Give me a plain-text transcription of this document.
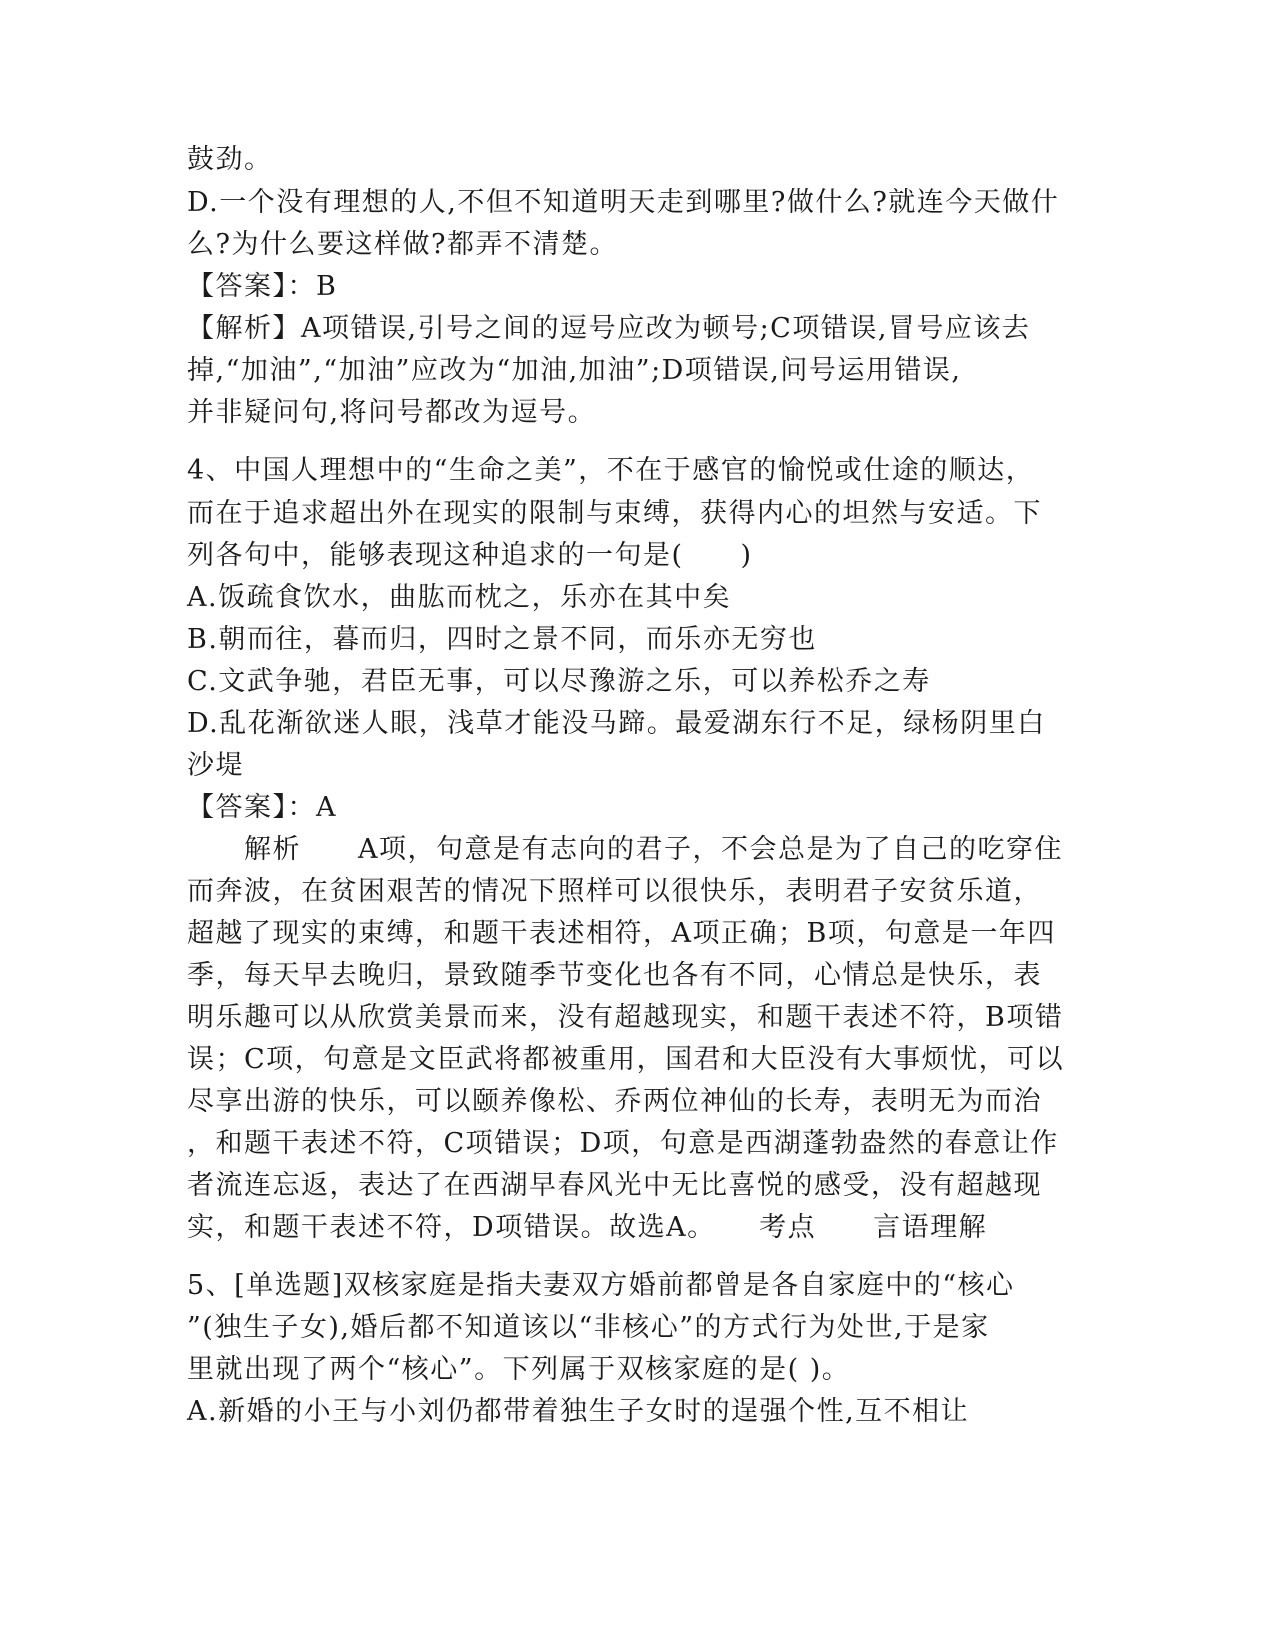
鼓劲。
D.一个没有理想的人,不但不知道明天走到哪里?做什么?就连今天做什
么?为什么要这样做?都弄不清楚。
【答案】：B
【解析】A项错误,引号之间的逗号应改为顿号;C项错误,冒号应该去
掉,“加油”,“加油”应改为“加油,加油”;D项错误,问号运用错误,
并非疑问句,将问号都改为逗号。
4、中国人理想中的“生命之美”，不在于感官的愉悦或仕途的顺达，
而在于追求超出外在现实的限制与束缚，获得内心的坦然与安适。下
列各句中，能够表现这种追求的一句是(　　)
A.饭疏食饮水，曲肱而枕之，乐亦在其中矣
B.朝而往，暮而归，四时之景不同，而乐亦无穷也
C.文武争驰，君臣无事，可以尽豫游之乐，可以养松乔之寿
D.乱花渐欲迷人眼，浅草才能没马蹄。最爱湖东行不足，绿杨阴里白
沙堤
【答案】：A
　　解析　　A项，句意是有志向的君子，不会总是为了自己的吃穿住
而奔波，在贫困艰苦的情况下照样可以很快乐，表明君子安贫乐道，
超越了现实的束缚，和题干表述相符，A项正确；B项，句意是一年四
季，每天早去晚归，景致随季节变化也各有不同，心情总是快乐，表
明乐趣可以从欣赏美景而来，没有超越现实，和题干表述不符，B项错
误；C项，句意是文臣武将都被重用，国君和大臣没有大事烦忧，可以
尽享出游的快乐，可以颐养像松、乔两位神仙的长寿，表明无为而治
，和题干表述不符，C项错误；D项，句意是西湖蓬勃盎然的春意让作
者流连忘返，表达了在西湖早春风光中无比喜悦的感受，没有超越现
实，和题干表述不符，D项错误。故选A。　　考点　　言语理解
5、[单选题]双核家庭是指夫妻双方婚前都曾是各自家庭中的“核心
”(独生子女),婚后都不知道该以“非核心”的方式行为处世,于是家
里就出现了两个“核心”。下列属于双核家庭的是( )。
A.新婚的小王与小刘仍都带着独生子女时的逞强个性,互不相让
